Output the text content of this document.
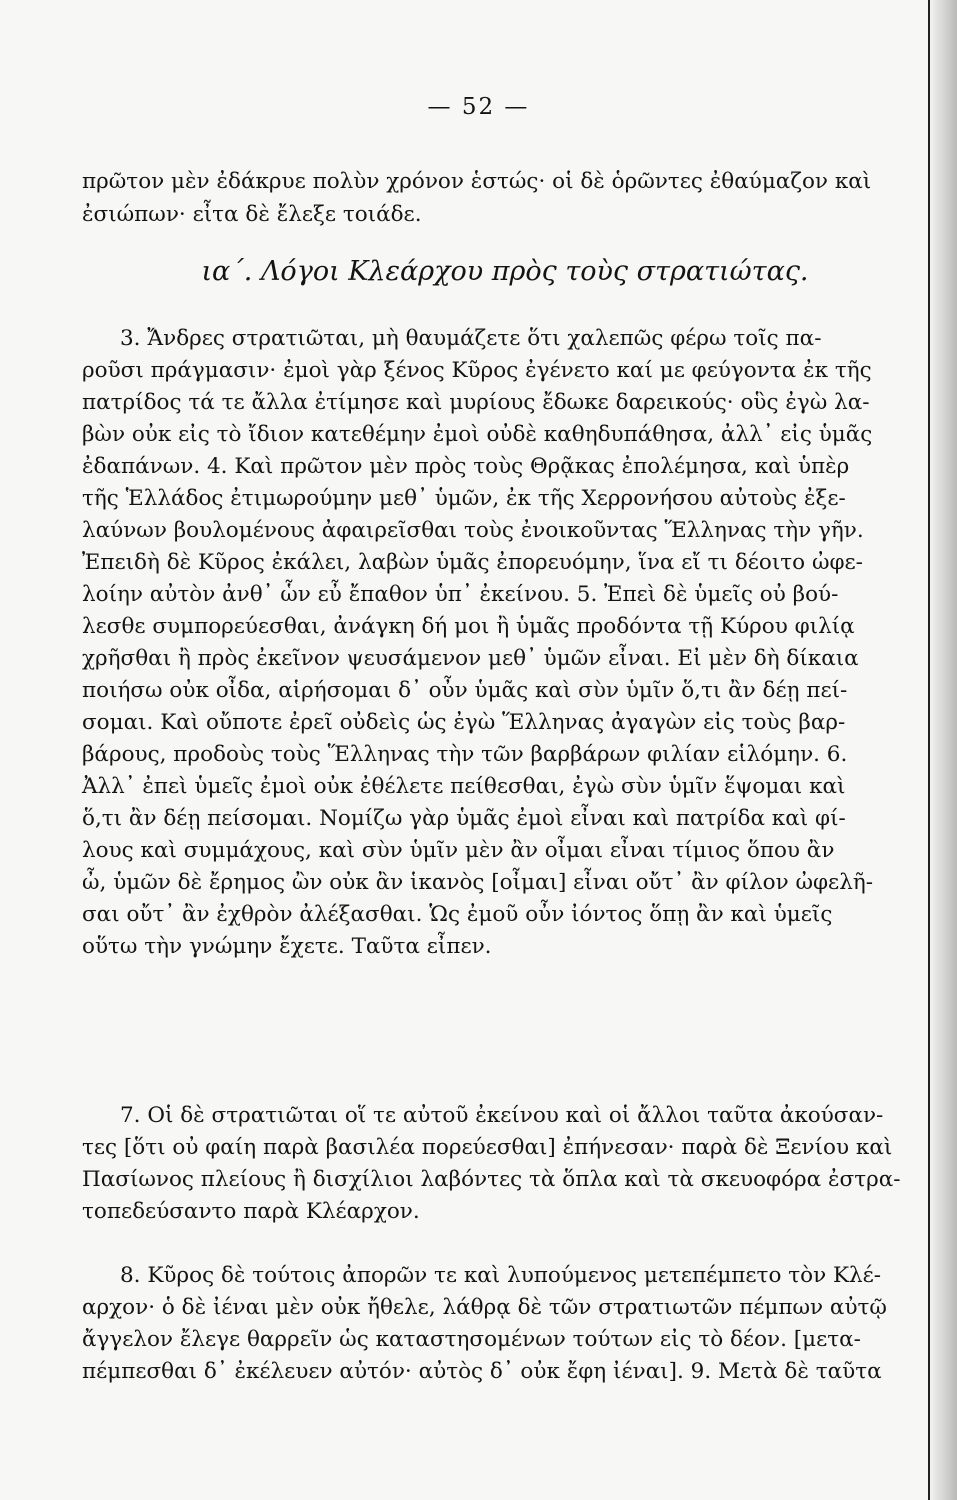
— 52 —
πρῶτον μὲν ἐδάκρυε πολὺν χρόνον ἑστώς· οἱ δὲ ὁρῶντες ἐθαύμαζον καὶ
ἐσιώπων· εἶτα δὲ ἔλεξε τοιάδε.
ια΄. Λόγοι Κλεάρχου πρὸς τοὺς στρατιώτας.
3. Ἄνδρες στρατιῶται, μὴ θαυμάζετε ὅτι χαλεπῶς φέρω τοῖς πα-
ροῦσι πράγμασιν· ἐμοὶ γὰρ ξένος Κῦρος ἐγένετο καί με φεύγοντα ἐκ τῆς
πατρίδος τά τε ἄλλα ἐτίμησε καὶ μυρίους ἔδωκε δαρεικούς· οὓς ἐγὼ λα-
βὼν οὐκ εἰς τὸ ἴδιον κατεθέμην ἐμοὶ οὐδὲ καθηδυπάθησα, ἀλλ᾽ εἰς ὑμᾶς
ἐδαπάνων. 4. Καὶ πρῶτον μὲν πρὸς τοὺς Θρᾷκας ἐπολέμησα, καὶ ὑπὲρ
τῆς Ἑλλάδος ἐτιμωρούμην μεθ᾽ ὑμῶν, ἐκ τῆς Χερρονήσου αὐτοὺς ἐξε-
λαύνων βουλομένους ἀφαιρεῖσθαι τοὺς ἐνοικοῦντας Ἕλληνας τὴν γῆν.
Ἐπειδὴ δὲ Κῦρος ἐκάλει, λαβὼν ὑμᾶς ἐπορευόμην, ἵνα εἴ τι δέοιτο ὠφε-
λοίην αὐτὸν ἀνθ᾽ ὧν εὖ ἔπαθον ὑπ᾽ ἐκείνου. 5. Ἐπεὶ δὲ ὑμεῖς οὐ βού-
λεσθε συμπορεύεσθαι, ἀνάγκη δή μοι ἢ ὑμᾶς προδόντα τῇ Κύρου φιλίᾳ
χρῆσθαι ἢ πρὸς ἐκεῖνον ψευσάμενον μεθ᾽ ὑμῶν εἶναι. Εἰ μὲν δὴ δίκαια
ποιήσω οὐκ οἶδα, αἱρήσομαι δ᾽ οὖν ὑμᾶς καὶ σὺν ὑμῖν ὅ,τι ἂν δέῃ πεί-
σομαι. Καὶ οὔποτε ἐρεῖ οὐδεὶς ὡς ἐγὼ Ἕλληνας ἀγαγὼν εἰς τοὺς βαρ-
βάρους, προδοὺς τοὺς Ἕλληνας τὴν τῶν βαρβάρων φιλίαν εἱλόμην. 6.
Ἀλλ᾽ ἐπεὶ ὑμεῖς ἐμοὶ οὐκ ἐθέλετε πείθεσθαι, ἐγὼ σὺν ὑμῖν ἕψομαι καὶ
ὅ,τι ἂν δέῃ πείσομαι. Νομίζω γὰρ ὑμᾶς ἐμοὶ εἶναι καὶ πατρίδα καὶ φί-
λους καὶ συμμάχους, καὶ σὺν ὑμῖν μὲν ἂν οἶμαι εἶναι τίμιος ὅπου ἂν
ὦ, ὑμῶν δὲ ἔρημος ὢν οὐκ ἂν ἱκανὸς [οἶμαι] εἶναι οὔτ᾽ ἂν φίλον ὠφελῆ-
σαι οὔτ᾽ ἂν ἐχθρὸν ἀλέξασθαι. Ὡς ἐμοῦ οὖν ἰόντος ὅπῃ ἂν καὶ ὑμεῖς
οὕτω τὴν γνώμην ἔχετε. Ταῦτα εἶπεν.
7. Οἱ δὲ στρατιῶται οἵ τε αὐτοῦ ἐκείνου καὶ οἱ ἄλλοι ταῦτα ἀκούσαν-
τες [ὅτι οὐ φαίη παρὰ βασιλέα πορεύεσθαι] ἐπήνεσαν· παρὰ δὲ Ξενίου καὶ
Πασίωνος πλείους ἢ δισχίλιοι λαβόντες τὰ ὅπλα καὶ τὰ σκευοφόρα ἐστρα-
τοπεδεύσαντο παρὰ Κλέαρχον.
8. Κῦρος δὲ τούτοις ἀπορῶν τε καὶ λυπούμενος μετεπέμπετο τὸν Κλέ-
αρχον· ὁ δὲ ἰέναι μὲν οὐκ ἤθελε, λάθρᾳ δὲ τῶν στρατιωτῶν πέμπων αὐτῷ
ἄγγελον ἔλεγε θαρρεῖν ὡς καταστησομένων τούτων εἰς τὸ δέον. [μετα-
πέμπεσθαι δ᾽ ἐκέλευεν αὐτόν· αὐτὸς δ᾽ οὐκ ἔφη ἰέναι]. 9. Μετὰ δὲ ταῦτα
